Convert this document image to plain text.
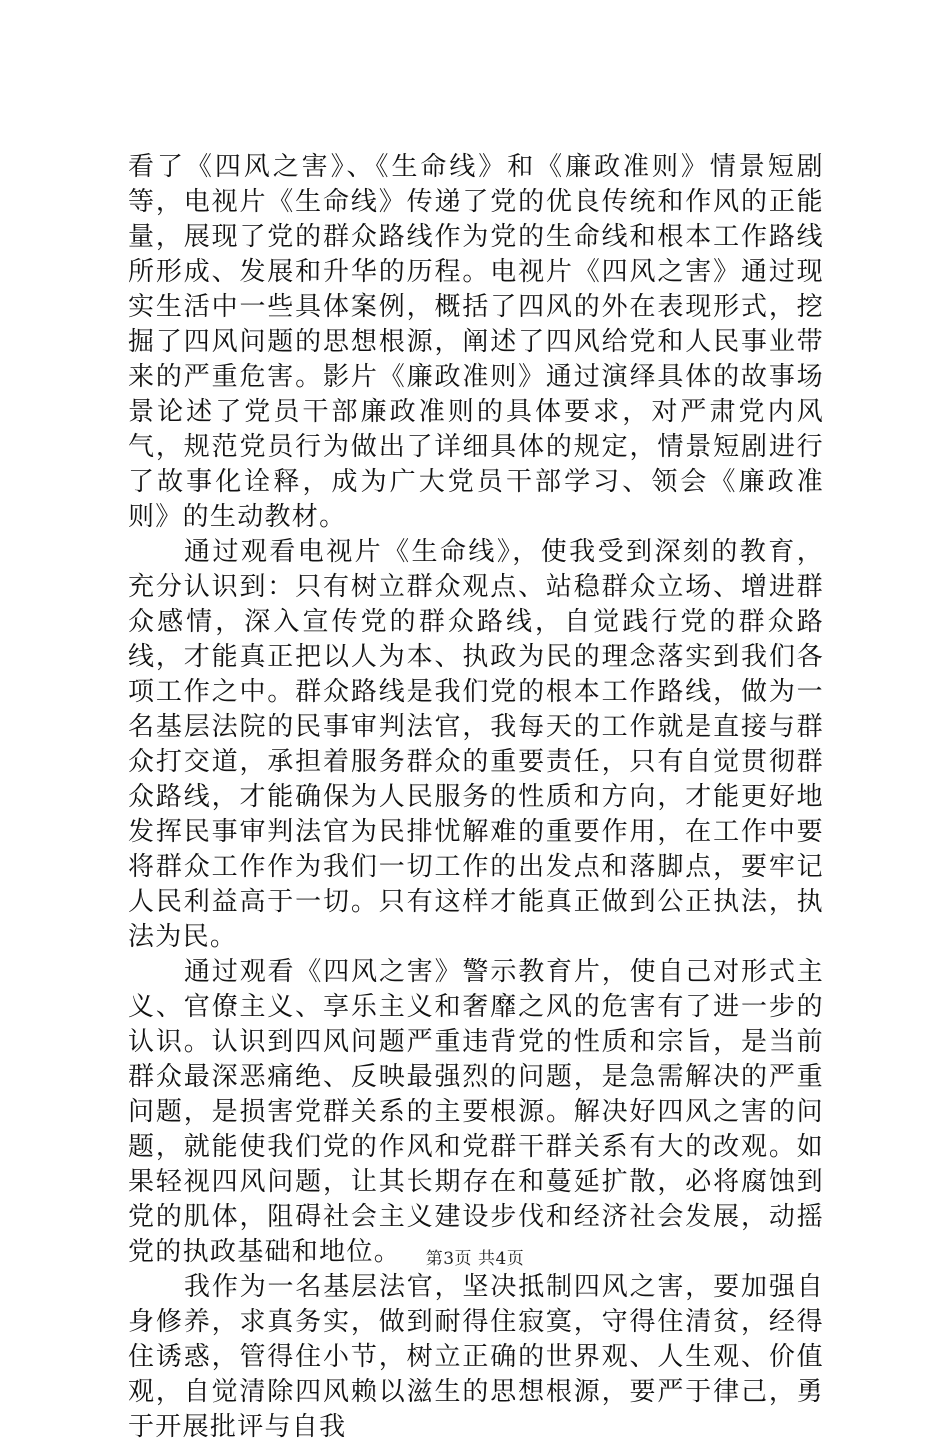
看了《四风之害》、《生命线》和《廉政准则》情景短剧等，电视片《生命线》传递了党的优良传统和作风的正能量，展现了党的群众路线作为党的生命线和根本工作路线所形成、发展和升华的历程。电视片《四风之害》通过现实生活中一些具体案例，概括了四风的外在表现形式，挖掘了四风问题的思想根源，阐述了四风给党和人民事业带来的严重危害。影片《廉政准则》通过演绎具体的故事场景论述了党员干部廉政准则的具体要求，对严肃党内风气，规范党员行为做出了详细具体的规定，情景短剧进行了故事化诠释，成为广大党员干部学习、领会《廉政准则》的生动教材。

通过观看电视片《生命线》，使我受到深刻的教育，充分认识到：只有树立群众观点、站稳群众立场、增进群众感情，深入宣传党的群众路线，自觉践行党的群众路线，才能真正把以人为本、执政为民的理念落实到我们各项工作之中。群众路线是我们党的根本工作路线，做为一名基层法院的民事审判法官，我每天的工作就是直接与群众打交道，承担着服务群众的重要责任，只有自觉贯彻群众路线，才能确保为人民服务的性质和方向，才能更好地发挥民事审判法官为民排忧解难的重要作用，在工作中要将群众工作作为我们一切工作的出发点和落脚点，要牢记人民利益高于一切。只有这样才能真正做到公正执法，执法为民。

通过观看《四风之害》警示教育片，使自己对形式主义、官僚主义、享乐主义和奢靡之风的危害有了进一步的认识。认识到四风问题严重违背党的性质和宗旨，是当前群众最深恶痛绝、反映最强烈的问题，是急需解决的严重问题，是损害党群关系的主要根源。解决好四风之害的问题，就能使我们党的作风和党群干群关系有大的改观。如果轻视四风问题，让其长期存在和蔓延扩散，必将腐蚀到党的肌体，阻碍社会主义建设步伐和经济社会发展，动摇党的执政基础和地位。

我作为一名基层法官，坚决抵制四风之害，要加强自身修养，求真务实，做到耐得住寂寞，守得住清贫，经得住诱惑，管得住小节，树立正确的世界观、人生观、价值观，自觉清除四风赖以滋生的思想根源，要严于律己，勇于开展批评与自我

第3页 共4页
